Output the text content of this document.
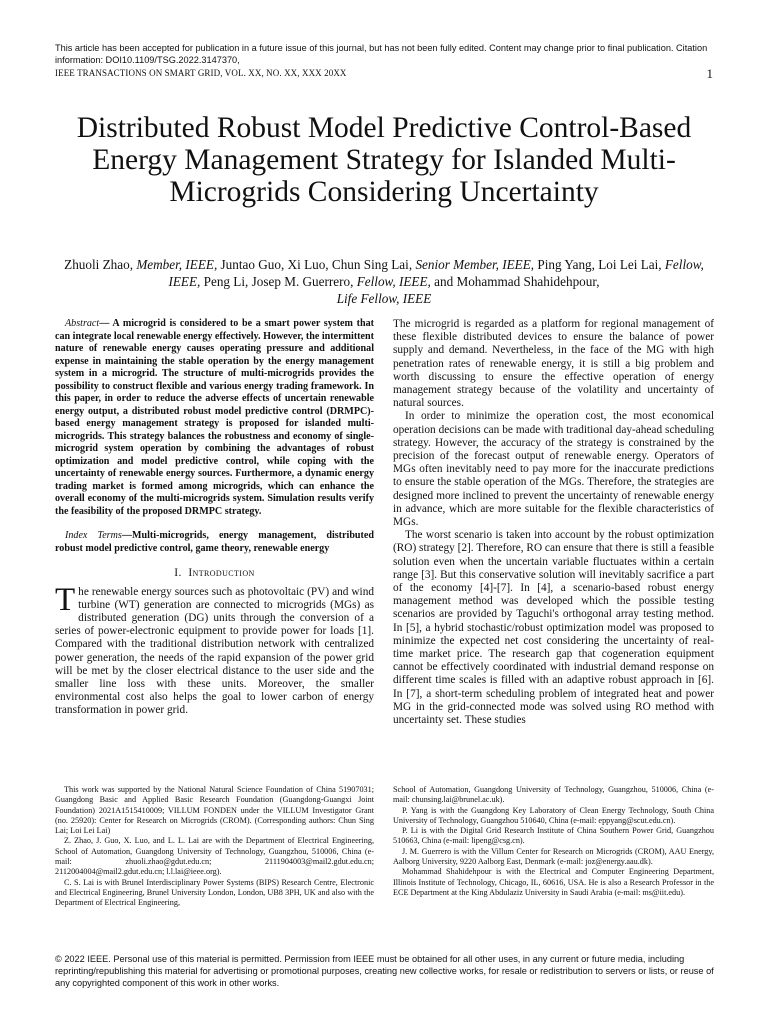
This article has been accepted for publication in a future issue of this journal, but has not been fully edited. Content may change prior to final publication. Citation information: DOI10.1109/TSG.2022.3147370,
IEEE TRANSACTIONS ON SMART GRID, VOL. XX, NO. XX, XXX 20XX	1
Distributed Robust Model Predictive Control-Based Energy Management Strategy for Islanded Multi-Microgrids Considering Uncertainty
Zhuoli Zhao, Member, IEEE, Juntao Guo, Xi Luo, Chun Sing Lai, Senior Member, IEEE, Ping Yang, Loi Lei Lai, Fellow, IEEE, Peng Li, Josep M. Guerrero, Fellow, IEEE, and Mohammad Shahidehpour,
Life Fellow, IEEE

Abstract— A microgrid is considered to be a smart power system that can integrate local renewable energy effectively. However, the intermittent nature of renewable energy causes operating pressure and additional expense in maintaining the stable operation by the energy management system in a microgrid. The structure of multi-microgrids provides the possibility to construct flexible and various energy trading framework. In this paper, in order to reduce the adverse effects of uncertain renewable energy output, a distributed robust model predictive control (DRMPC)-based energy management strategy is proposed for islanded multi-microgrids. This strategy balances the robustness and economy of single-microgrid system operation by combining the advantages of robust optimization and model predictive control, while coping with the uncertainty of renewable energy sources. Furthermore, a dynamic energy trading market is formed among microgrids, which can enhance the overall economy of the multi-microgrids system. Simulation results verify the feasibility of the proposed DRMPC strategy.

Index Terms—Multi-microgrids, energy management, distributed robust model predictive control, game theory, renewable energy

I. Introduction

The renewable energy sources such as photovoltaic (PV) and wind turbine (WT) generation are connected to microgrids (MGs) as distributed generation (DG) units through the conversion of a series of power-electronic equipment to provide power for loads [1]. Compared with the traditional distribution network with centralized power generation, the needs of the rapid expansion of the power grid will be met by the closer electrical distance to the user side and the smaller line loss with these units. Moreover, the smaller environmental cost also helps the goal to lower carbon of energy transformation in power grid.

The microgrid is regarded as a platform for regional management of these flexible distributed devices to ensure the balance of power supply and demand. Nevertheless, in the face of the MG with high penetration rates of renewable energy, it is still a big problem and worth discussing to ensure the effective operation of energy management strategy because of the volatility and uncertainty of natural sources.

In order to minimize the operation cost, the most economical operation decisions can be made with traditional day-ahead scheduling strategy. However, the accuracy of the strategy is constrained by the precision of the forecast output of renewable energy. Operators of MGs often inevitably need to pay more for the inaccurate predictions to ensure the stable operation of the MGs. Therefore, the strategies are designed more inclined to prevent the uncertainty of renewable energy in advance, which are more suitable for the flexible characteristics of MGs.

The worst scenario is taken into account by the robust optimization (RO) strategy [2]. Therefore, RO can ensure that there is still a feasible solution even when the uncertain variable fluctuates within a certain range [3]. But this conservative solution will inevitably sacrifice a part of the economy [4]-[7]. In [4], a scenario-based robust energy management method was developed which the possible testing scenarios are provided by Taguchi's orthogonal array testing method. In [5], a hybrid stochastic/robust optimization model was proposed to minimize the expected net cost considering the uncertainty of real-time market price. The research gap that cogeneration equipment cannot be effectively coordinated with industrial demand response on different time scales is filled with an adaptive robust approach in [6]. In [7], a short-term scheduling problem of integrated heat and power MG in the grid-connected mode was solved using RO method with uncertainty set. These studies

This work was supported by the National Natural Science Foundation of China 51907031; Guangdong Basic and Applied Basic Research Foundation (Guangdong-Guangxi Joint Foundation) 2021A1515410009; VILLUM FONDEN under the VILLUM Investigator Grant (no. 25920): Center for Research on Microgrids (CROM). (Corresponding authors: Chun Sing Lai; Loi Lei Lai)

Z. Zhao, J. Guo, X. Luo, and L. L. Lai are with the Department of Electrical Engineering, School of Automation, Guangdong University of Technology, Guangzhou, 510006, China (e-mail: zhuoli.zhao@gdut.edu.cn; 2111904003@mail2.gdut.edu.cn; 2112004004@mail2.gdut.edu.cn; l.l.lai@ieee.org).

C. S. Lai is with Brunel Interdisciplinary Power Systems (BIPS) Research Centre, Electronic and Electrical Engineering, Brunel University London, London, UB8 3PH, UK and also with the Department of Electrical Engineering,

School of Automation, Guangdong University of Technology, Guangzhou, 510006, China (e-mail: chunsing.lai@brunel.ac.uk).

P. Yang is with the Guangdong Key Laboratory of Clean Energy Technology, South China University of Technology, Guangzhou 510640, China (e-mail: eppyang@scut.edu.cn).

P. Li is with the Digital Grid Research Institute of China Southern Power Grid, Guangzhou 510663, China (e-mail: lipeng@csg.cn).

J. M. Guerrero is with the Villum Center for Research on Microgrids (CROM), AAU Energy, Aalborg University, 9220 Aalborg East, Denmark (e-mail: joz@energy.aau.dk).

Mohammad Shahidehpour is with the Electrical and Computer Engineering Department, Illinois Institute of Technology, Chicago, IL, 60616, USA. He is also a Research Professor in the ECE Department at the King Abdulaziz University in Saudi Arabia (e-mail: ms@iit.edu).

© 2022 IEEE. Personal use of this material is permitted. Permission from IEEE must be obtained for all other uses, in any current or future media, including reprinting/republishing this material for advertising or promotional purposes, creating new collective works, for resale or redistribution to servers or lists, or reuse of any copyrighted component of this work in other works.
